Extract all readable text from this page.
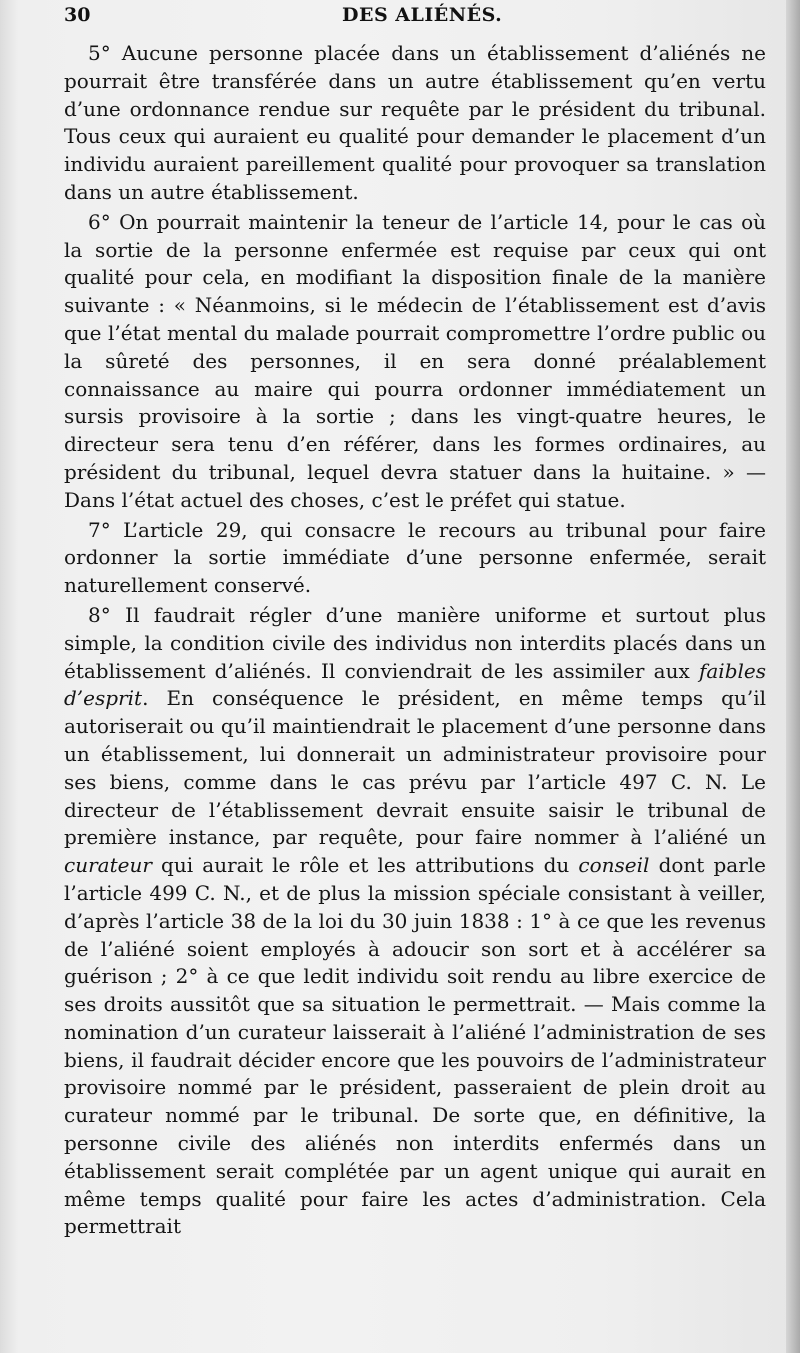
30	DES ALIÉNÉS.

5° Aucune personne placée dans un établissement d’aliénés ne pourrait être transférée dans un autre établissement qu’en vertu d’une ordonnance rendue sur requête par le président du tribunal. Tous ceux qui auraient eu qualité pour demander le placement d’un individu auraient pareillement qualité pour provoquer sa translation dans un autre établissement.

6° On pourrait maintenir la teneur de l’article 14, pour le cas où la sortie de la personne enfermée est requise par ceux qui ont qualité pour cela, en modifiant la disposition finale de la manière suivante : « Néanmoins, si le médecin de l’établissement est d’avis que l’état mental du malade pourrait compromettre l’ordre public ou la sûreté des personnes, il en sera donné préalablement connaissance au maire qui pourra ordonner immédiatement un sursis provisoire à la sortie ; dans les vingt-quatre heures, le directeur sera tenu d’en référer, dans les formes ordinaires, au président du tribunal, lequel devra statuer dans la huitaine. » — Dans l’état actuel des choses, c’est le préfet qui statue.

7° L’article 29, qui consacre le recours au tribunal pour faire ordonner la sortie immédiate d’une personne enfermée, serait naturellement conservé.

8° Il faudrait régler d’une manière uniforme et surtout plus simple, la condition civile des individus non interdits placés dans un établissement d’aliénés. Il conviendrait de les assimiler aux faibles d’esprit. En conséquence le président, en même temps qu’il autoriserait ou qu’il maintiendrait le placement d’une personne dans un établissement, lui donnerait un administrateur provisoire pour ses biens, comme dans le cas prévu par l’article 497 C. N. Le directeur de l’établissement devrait ensuite saisir le tribunal de première instance, par requête, pour faire nommer à l’aliéné un curateur qui aurait le rôle et les attributions du conseil dont parle l’article 499 C. N., et de plus la mission spéciale consistant à veiller, d’après l’article 38 de la loi du 30 juin 1838 : 1° à ce que les revenus de l’aliéné soient employés à adoucir son sort et à accélérer sa guérison ; 2° à ce que ledit individu soit rendu au libre exercice de ses droits aussitôt que sa situation le permettrait. — Mais comme la nomination d’un curateur laisserait à l’aliéné l’administration de ses biens, il faudrait décider encore que les pouvoirs de l’administrateur provisoire nommé par le président, passeraient de plein droit au curateur nommé par le tribunal. De sorte que, en définitive, la personne civile des aliénés non interdits enfermés dans un établissement serait complétée par un agent unique qui aurait en même temps qualité pour faire les actes d’administration. Cela permettrait
